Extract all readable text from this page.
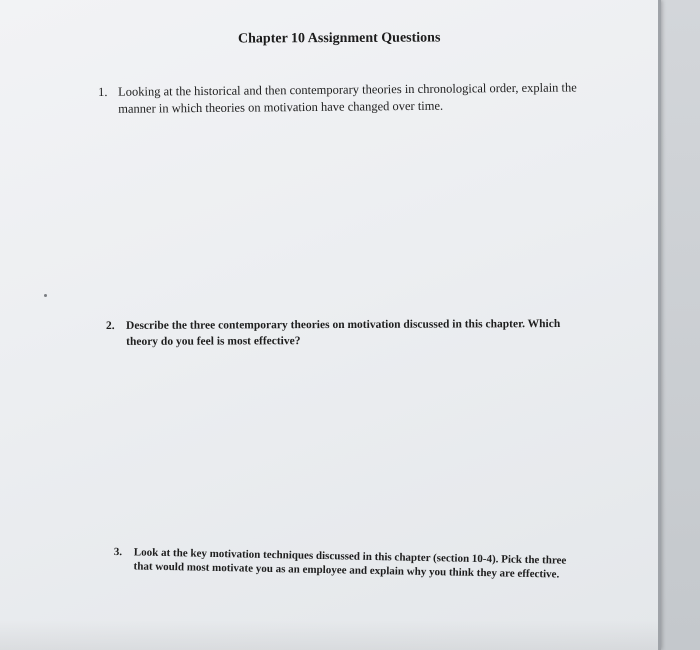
Chapter 10 Assignment Questions
1. Looking at the historical and then contemporary theories in chronological order, explain the manner in which theories on motivation have changed over time.
2. Describe the three contemporary theories on motivation discussed in this chapter. Which theory do you feel is most effective?
3.	Look at the key motivation techniques discussed in this chapter (section 10-4). Pick the three that would most motivate you as an employee and explain why you think they are effective.
